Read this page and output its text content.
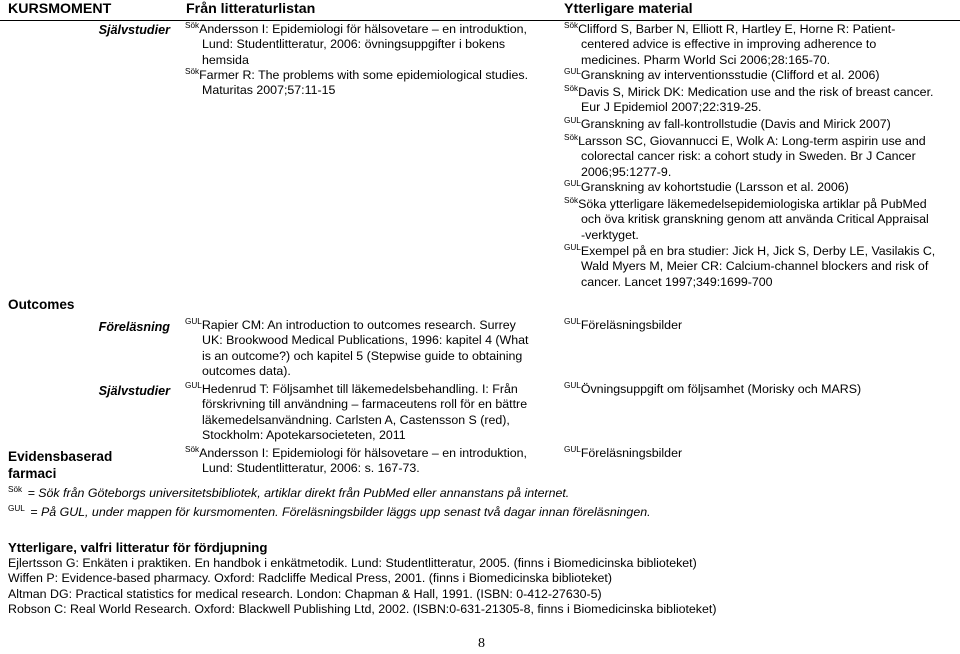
KURSMOMENT	Från litteraturlistan	Ytterligare material
Självstudier SökAndersson I: Epidemiologi för hälsovetare – en introduktion,
Lund: Studentlitteratur, 2006: övningsuppgifter i bokens
hemsida
SökFarmer R: The problems with some epidemiological studies.
Maturitas 2007;57:11-15
SökClifford S, Barber N, Elliott R, Hartley E, Horne R: Patient-
centered advice is effective in improving adherence to
medicines. Pharm World Sci 2006;28:165-70.
GULGranskning av interventionsstudie (Clifford et al. 2006)
SökDavis S, Mirick DK: Medication use and the risk of breast cancer.
Eur J Epidemiol 2007;22:319-25.
GULGranskning av fall-kontrollstudie (Davis and Mirick 2007)
SökLarsson SC, Giovannucci E, Wolk A: Long-term aspirin use and
colorectal cancer risk: a cohort study in Sweden. Br J Cancer
2006;95:1277-9.
GULGranskning av kohortstudie (Larsson et al. 2006)
SökSöka ytterligare läkemedelsepidemiologiska artiklar på PubMed
och öva kritisk granskning genom att använda Critical Appraisal
-verktyget.
GULExempel på en bra studier: Jick H, Jick S, Derby LE, Vasilakis C,
Wald Myers M, Meier CR: Calcium-channel blockers and risk of
cancer. Lancet 1997;349:1699-700
Outcomes
Föreläsning GULRapier CM: An introduction to outcomes research. Surrey
UK: Brookwood Medical Publications, 1996: kapitel 4 (What
is an outcome?) och kapitel 5 (Stepwise guide to obtaining
outcomes data).
GULFöreläsningsbilder
Självstudier GULHedenrud T: Följsamhet till läkemedelsbehandling. I: Från
förskrivning till användning – farmaceutens roll för en bättre
läkemedelsanvändning. Carlsten A, Castensson S (red),
Stockholm: Apotekarsocieteten, 2011
GULÖvningsuppgift om följsamhet (Morisky och MARS)
Evidensbaserad
farmaci
SökAndersson I: Epidemiologi för hälsovetare – en introduktion,
Lund: Studentlitteratur, 2006: s. 167-73.
GULFöreläsningsbilder
$^{Sök}$ = Sök från Göteborgs universitetsbibliotek, artiklar direkt från PubMed eller annanstans på internet.
$^{GUL}$ = På GUL, under mappen för kursmomenten. Föreläsningsbilder läggs upp senast två dagar innan föreläsningen.
Ytterligare, valfri litteratur för fördjupning
Ejlertsson G: Enkäten i praktiken. En handbok i enkätmetodik. Lund: Studentlitteratur, 2005. (finns i Biomedicinska biblioteket)
Wiffen P: Evidence-based pharmacy. Oxford: Radcliffe Medical Press, 2001. (finns i Biomedicinska biblioteket)
Altman DG: Practical statistics for medical research. London: Chapman & Hall, 1991. (ISBN: 0-412-27630-5)
Robson C: Real World Research. Oxford: Blackwell Publishing Ltd, 2002. (ISBN:0-631-21305-8, finns i Biomedicinska biblioteket)
8
